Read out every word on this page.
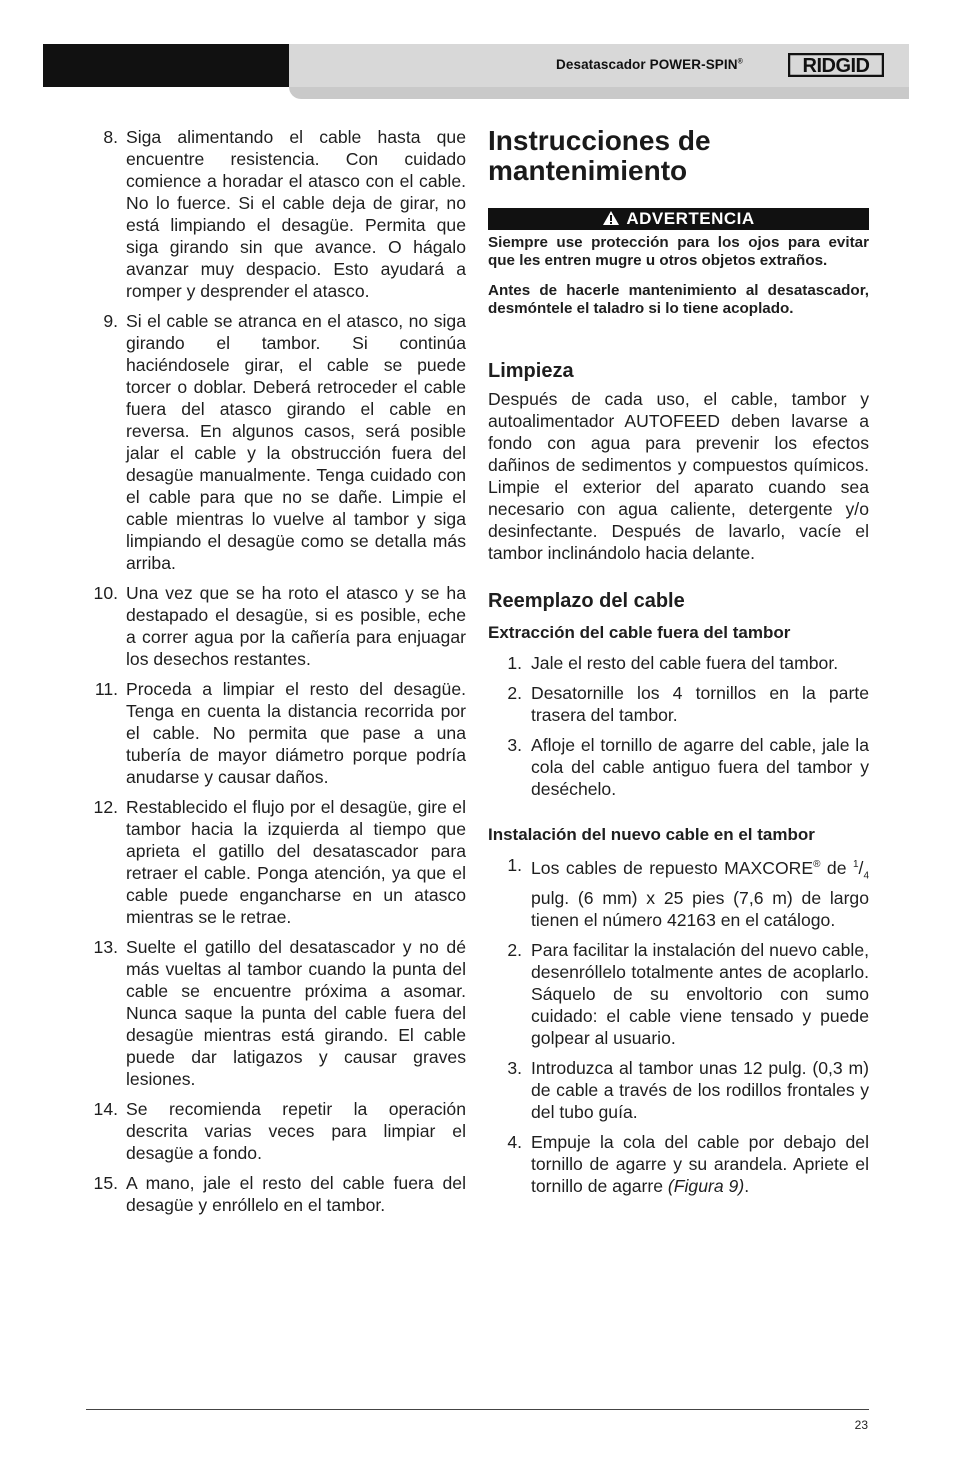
Desatascador POWER-SPIN®	RIDGID
8. Siga alimentando el cable hasta que encuentre resistencia. Con cuidado comience a horadar el atasco con el cable. No lo fuerce. Si el cable deja de girar, no está limpiando el desagüe. Permita que siga girando sin que avance. O hágalo avanzar muy despacio. Esto ayudará a romper y desprender el atasco.
9. Si el cable se atranca en el atasco, no siga girando el tambor. Si continúa haciéndosele girar, el cable se puede torcer o doblar. Deberá retroceder el cable fuera del atasco girando el cable en reversa. En algunos casos, será posible jalar el cable y la obstrucción fuera del desagüe manualmente. Tenga cuidado con el cable para que no se dañe. Limpie el cable mientras lo vuelve al tambor y siga limpiando el desagüe como se detalla más arriba.
10. Una vez que se ha roto el atasco y se ha destapado el desagüe, si es posible, eche a correr agua por la cañería para enjuagar los desechos restantes.
11. Proceda a limpiar el resto del desagüe. Tenga en cuenta la distancia recorrida por el cable. No permita que pase a una tubería de mayor diámetro porque podría anudarse y causar daños.
12. Restablecido el flujo por el desagüe, gire el tambor hacia la izquierda al tiempo que aprieta el gatillo del desatascador para retraer el cable. Ponga atención, ya que el cable puede engancharse en un atasco mientras se le retrae.
13. Suelte el gatillo del desatascador y no dé más vueltas al tambor cuando la punta del cable se encuentre próxima a asomar. Nunca saque la punta del cable fuera del desagüe mientras está girando. El cable puede dar latigazos y causar graves lesiones.
14. Se recomienda repetir la operación descrita varias veces para limpiar el desagüe a fondo.
15. A mano, jale el resto del cable fuera del desagüe y enróllelo en el tambor.
Instrucciones de mantenimiento
ADVERTENCIA

Siempre use protección para los ojos para evitar que les entren mugre u otros objetos extraños.

Antes de hacerle mantenimiento al desatascador, desmóntele el taladro si lo tiene acoplado.

Limpieza

Después de cada uso, el cable, tambor y autoalimentador AUTOFEED deben lavarse a fondo con agua para prevenir los efectos dañinos de sedimentos y compuestos químicos. Limpie el exterior del aparato cuando sea necesario con agua caliente, detergente y/o desinfectante. Después de lavarlo, vacíe el tambor inclinándolo hacia delante.

Reemplazo del cable
Extracción del cable fuera del tambor
1. Jale el resto del cable fuera del tambor.
2. Desatornille los 4 tornillos en la parte trasera del tambor.
3. Afloje el tornillo de agarre del cable, jale la cola del cable antiguo fuera del tambor y deséchelo.
Instalación del nuevo cable en el tambor
1. Los cables de repuesto MAXCORE® de $^1/_4$ pulg. (6 mm) x 25 pies (7,6 m) de largo tienen el número 42163 en el catálogo.
2. Para facilitar la instalación del nuevo cable, desenróllelo totalmente antes de acoplarlo. Sáquelo de su envoltorio con sumo cuidado: el cable viene tensado y puede golpear al usuario.
3. Introduzca al tambor unas 12 pulg. (0,3 m) de cable a través de los rodillos frontales y del tubo guía.
4. Empuje la cola del cable por debajo del tornillo de agarre y su arandela. Apriete el tornillo de agarre (Figura 9).
23
